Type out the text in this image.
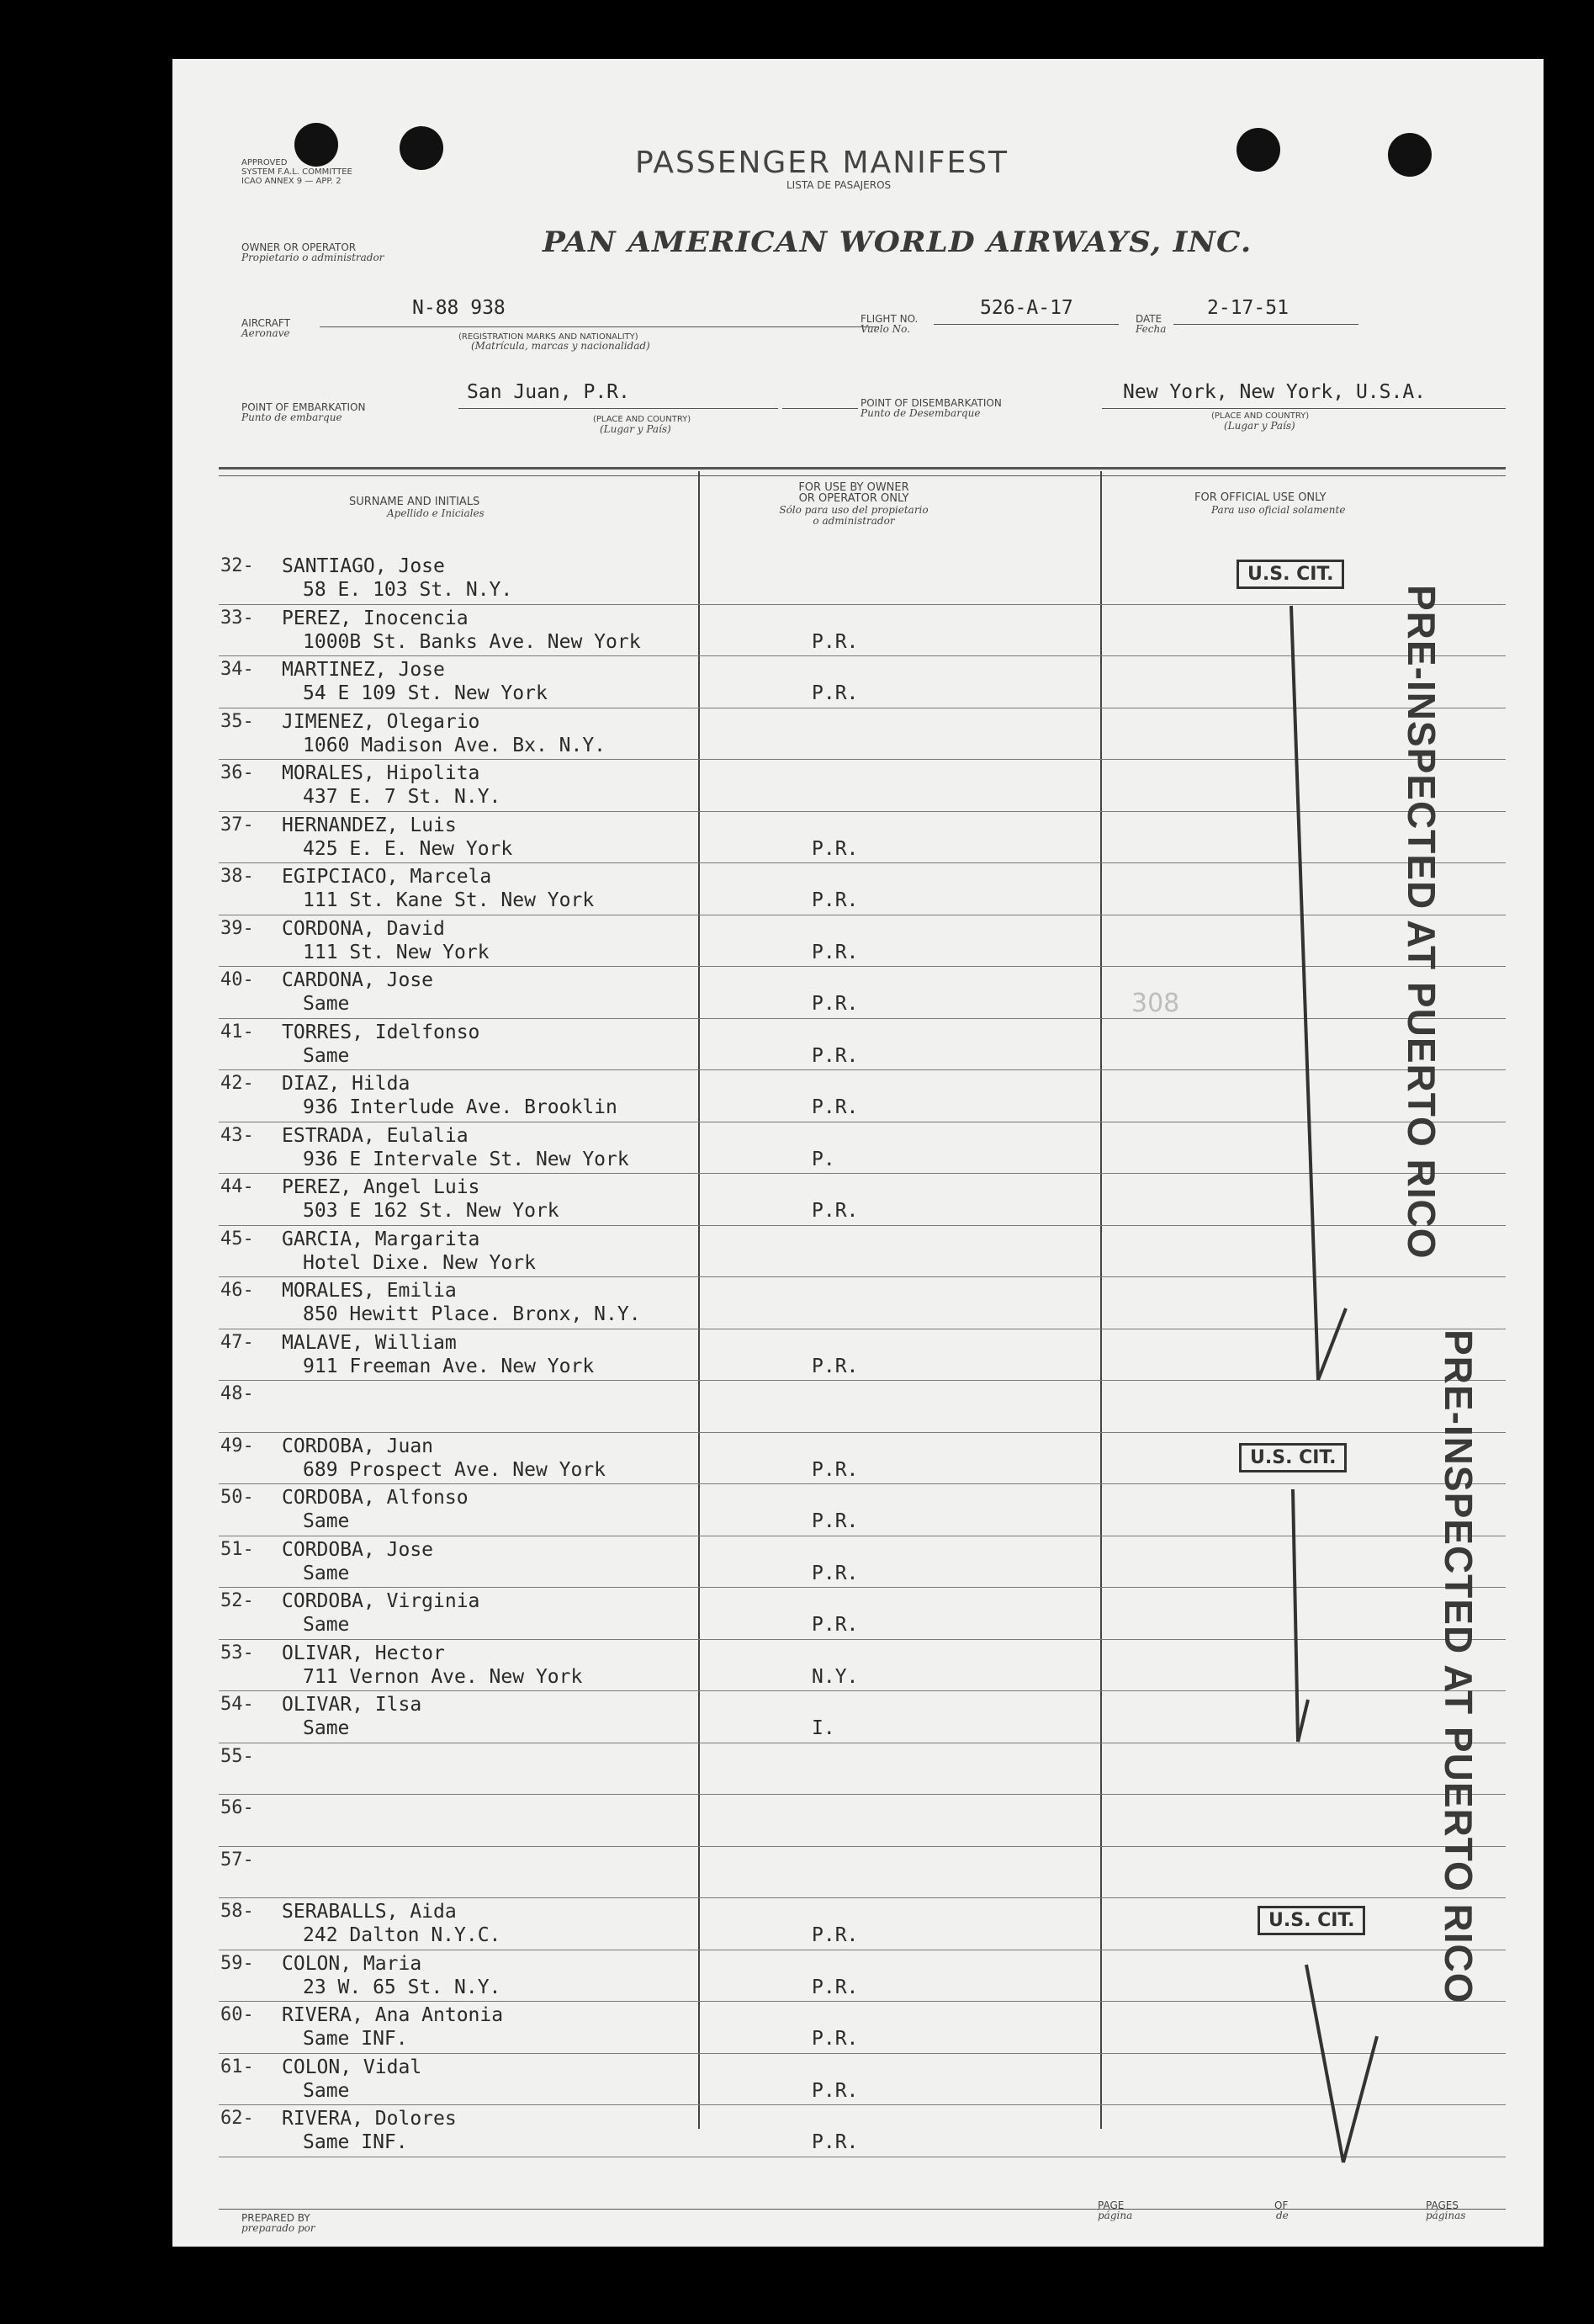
APPROVED
SYSTEM F.A.L. COMMITTEE
ICAO ANNEX 9 — APP. 2
PASSENGER MANIFEST
LISTA DE PASAJEROS
OWNER OR OPERATOR
Propietario o administrador	PAN AMERICAN WORLD AIRWAYS, INC.
AIRCRAFT
Aeronave
N-88 938
(REGISTRATION MARKS AND NATIONALITY)
(Matrícula, marcas y nacionalidad)
FLIGHT NO.
Vuelo No.
526-A-17	DATE
Fecha
2-17-51
POINT OF EMBARKATION
Punto de embarque
San Juan, P.R.
(PLACE AND COUNTRY)
(Lugar y País)
POINT OF DISEMBARKATION
Punto de Desembarque
New York, New York, U.S.A.
(PLACE AND COUNTRY)
(Lugar y País)
SURNAME AND INITIALS
Apellido e Iniciales
FOR USE BY OWNER
OR OPERATOR ONLY
Sólo para uso del propietario
o administrador
FOR OFFICIAL USE ONLY
Para uso oficial solamente
32- SANTIAGO, Jose
58 E. 103 St. N.Y.
33- PEREZ, Inocencia
1000B St. Banks Ave. New York	P.R.
34- MARTINEZ, Jose
54 E 109 St. New York	P.R.
35- JIMENEZ, Olegario
1060 Madison Ave. Bx. N.Y.
36- MORALES, Hipolita
437 E. 7 St. N.Y.
37- HERNANDEZ, Luis
425 E. E. New York	P.R.
38- EGIPCIACO, Marcela
111 St. Kane St. New York	P.R.
39- CORDONA, David
111 St. New York	P.R.
40- CARDONA, Jose
Same	P.R.
41- TORRES, Idelfonso
Same	P.R.
42- DIAZ, Hilda
936 Interlude Ave. Brooklin	P.R.
43- ESTRADA, Eulalia
936 E Intervale St. New York	P.
44- PEREZ, Angel Luis
503 E 162 St. New York	P.R.
45- GARCIA, Margarita
Hotel Dixe. New York
46- MORALES, Emilia
850 Hewitt Place. Bronx, N.Y.
47- MALAVE, William
911 Freeman Ave. New York	P.R.
48-
49- CORDOBA, Juan
689 Prospect Ave. New York	P.R.
50- CORDOBA, Alfonso
Same	P.R.
51- CORDOBA, Jose
Same	P.R.
52- CORDOBA, Virginia
Same	P.R.
53- OLIVAR, Hector
711 Vernon Ave. New York	N.Y.
54- OLIVAR, Ilsa
Same	I.
55-
56-
57-
58- SERABALLS, Aida
242 Dalton N.Y.C.	P.R.
59- COLON, Maria
23 W. 65 St. N.Y.	P.R.
60- RIVERA, Ana Antonia
Same INF.	P.R.
61- COLON, Vidal
Same	P.R.
62- RIVERA, Dolores
Same INF.	P.R.
U.S. CIT.
U.S. CIT.
U.S. CIT.
PRE-INSPECTED AT PUERTO RICO
PRE-INSPECTED AT PUERTO RICO
308
PREPARED BY
preparado por
PAGE
página
OF
de
PAGES
páginas
